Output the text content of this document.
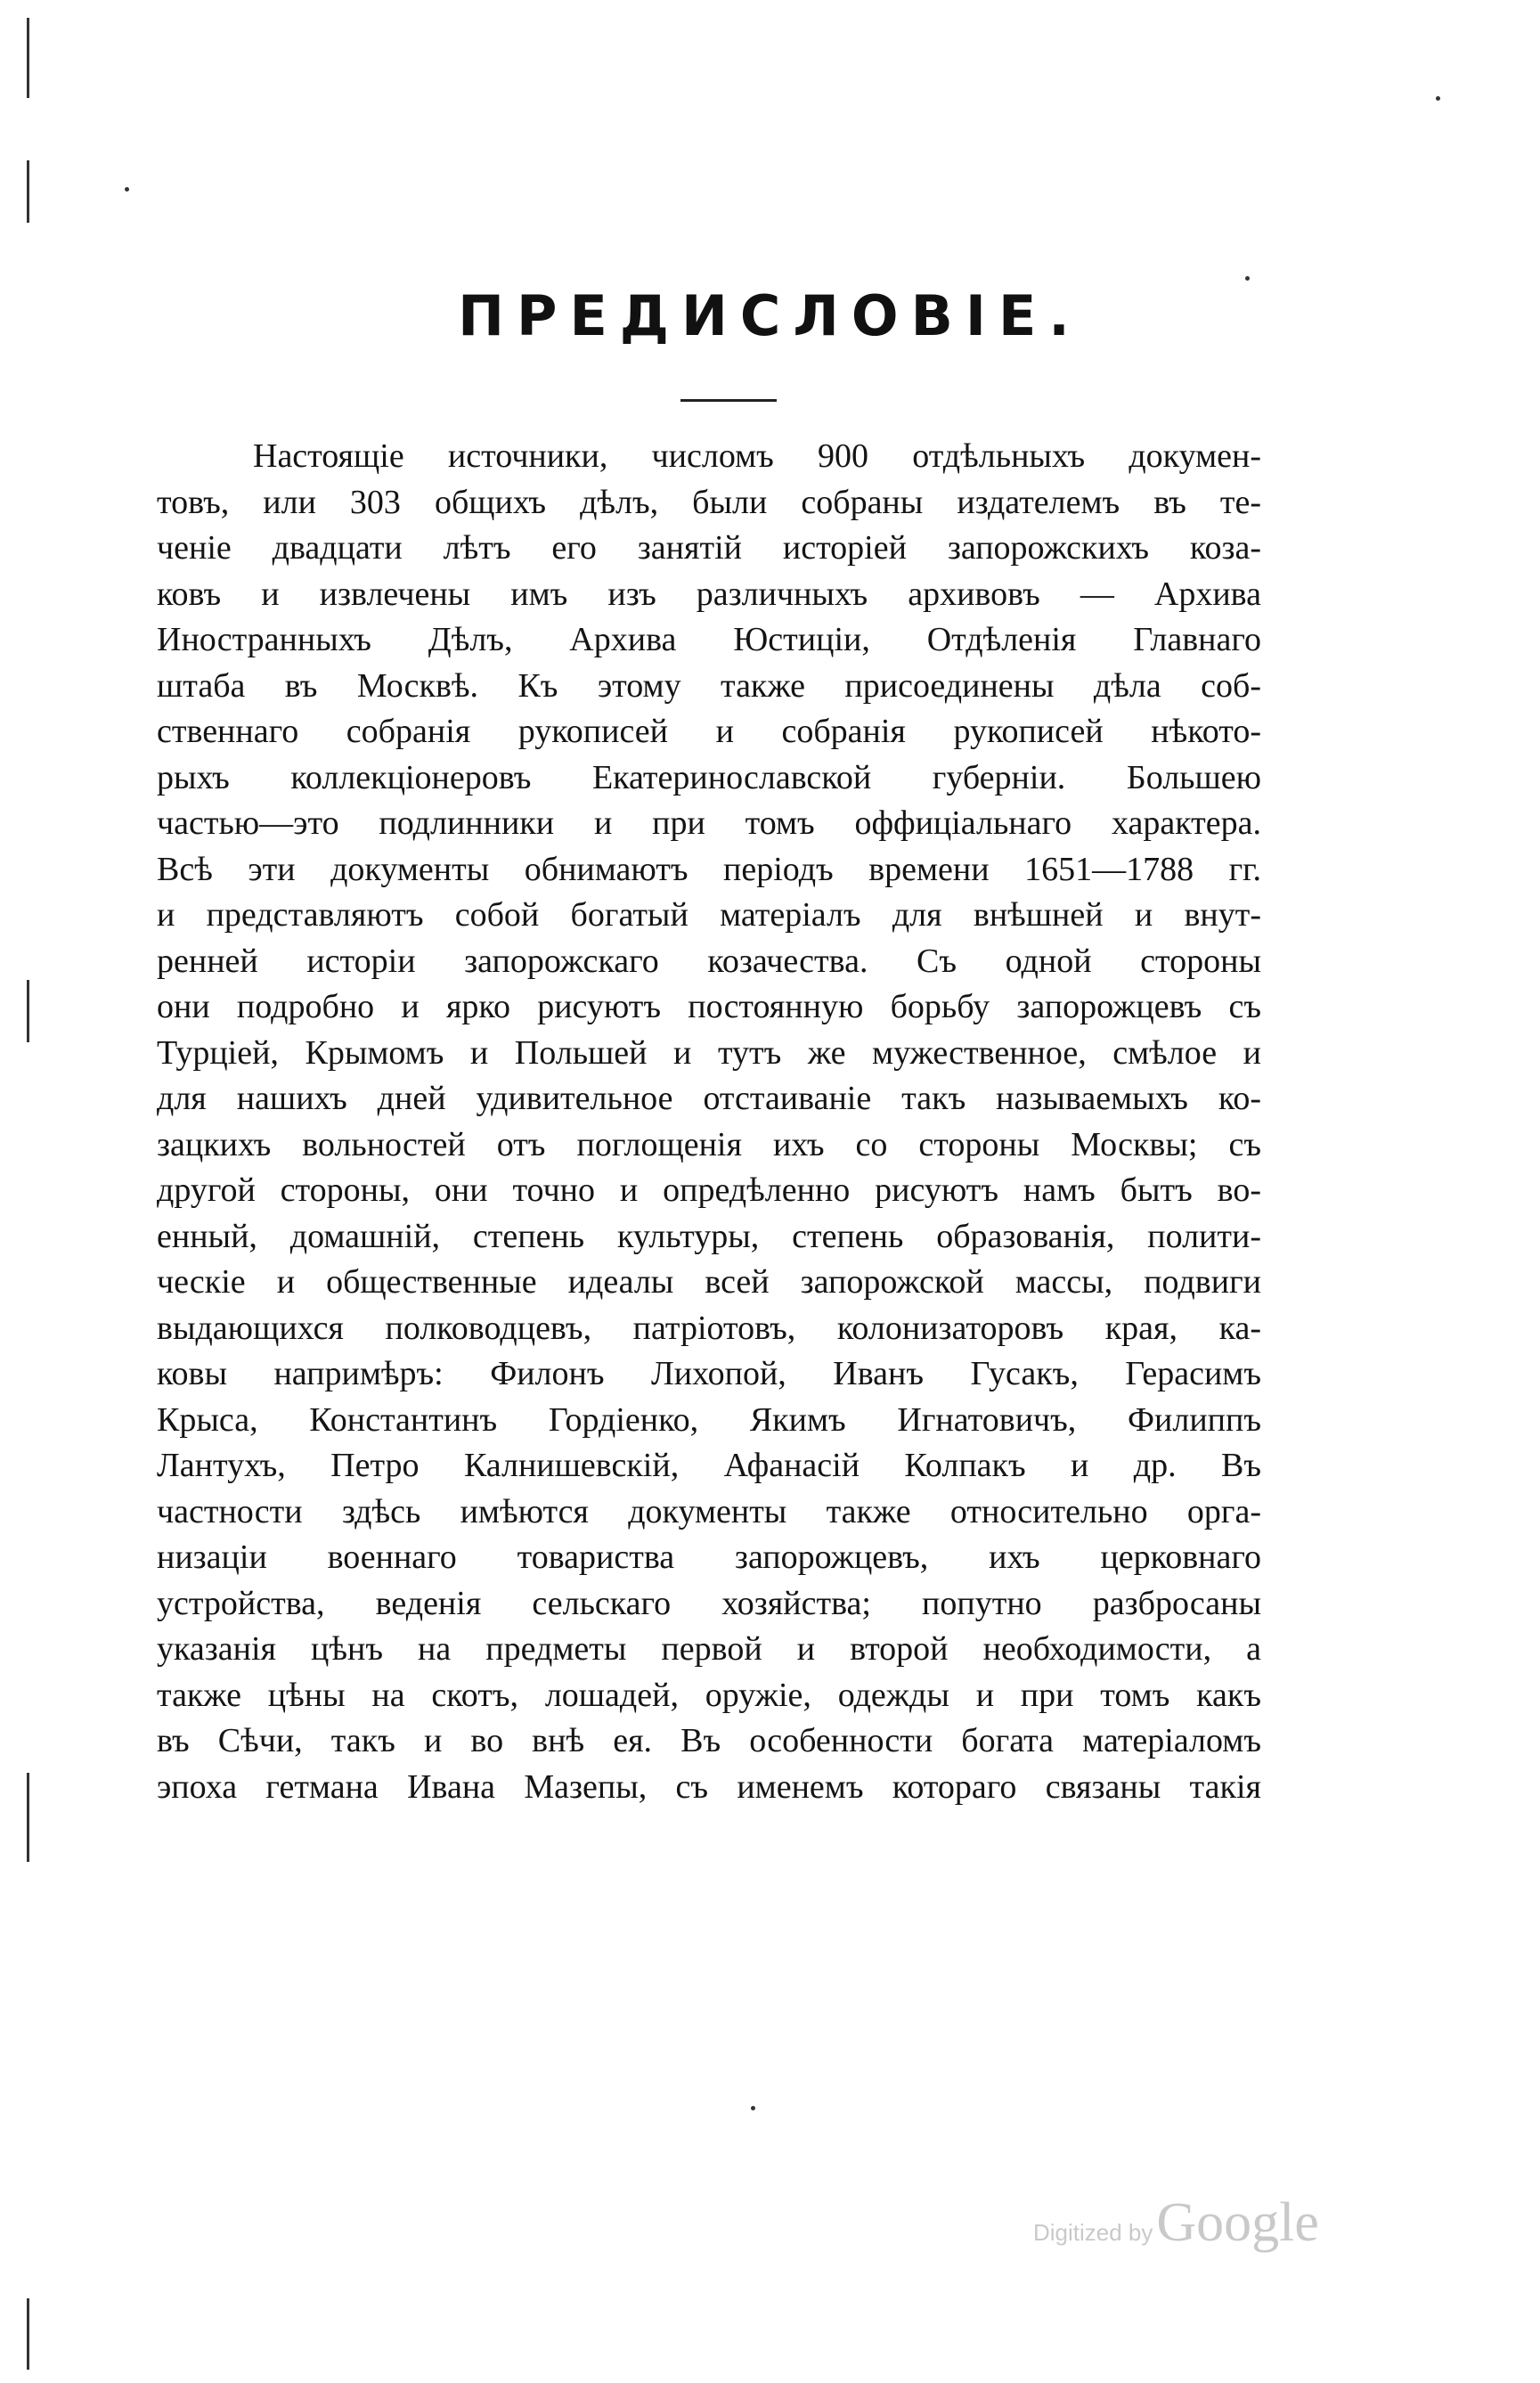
ПРЕДИСЛОВІЕ.
Настоящіе источники, числомъ 900 отдѣльныхъ докумен-
товъ, или 303 общихъ дѣлъ, были собраны издателемъ въ те-
ченіе двадцати лѣтъ его занятій исторіей запорожскихъ коза-
ковъ и извлечены имъ изъ различныхъ архивовъ — Архива
Иностранныхъ Дѣлъ, Архива Юстиціи, Отдѣленія Главнаго
штаба въ Москвѣ. Къ этому также присоединены дѣла соб-
ственнаго собранія рукописей и собранія рукописей нѣкото-
рыхъ коллекціонеровъ Екатеринославской губерніи. Большею
частью—это подлинники и при томъ оффиціальнаго характера.
Всѣ эти документы обнимаютъ періодъ времени 1651—1788 гг.
и представляютъ собой богатый матеріалъ для внѣшней и внут-
ренней исторіи запорожскаго козачества. Съ одной стороны
они подробно и ярко рисуютъ постоянную борьбу запорожцевъ съ
Турціей, Крымомъ и Польшей и тутъ же мужественное, смѣлое и
для нашихъ дней удивительное отстаиваніе такъ называемыхъ ко-
зацкихъ вольностей отъ поглощенія ихъ со стороны Москвы; съ
другой стороны, они точно и опредѣленно рисуютъ намъ бытъ во-
енный, домашній, степень культуры, степень образованія, полити-
ческіе и общественные идеалы всей запорожской массы, подвиги
выдающихся полководцевъ, патріотовъ, колонизаторовъ края, ка-
ковы напримѣръ: Филонъ Лихопой, Иванъ Гусакъ, Герасимъ
Крыса, Константинъ Гордіенко, Якимъ Игнатовичъ, Филиппъ
Лантухъ, Петро Калнишевскій, Афанасій Колпакъ и др. Въ
частности здѣсь имѣются документы также относительно орга-
низаціи военнаго товариства запорожцевъ, ихъ церковнаго
устройства, веденія сельскаго хозяйства; попутно разбросаны
указанія цѣнъ на предметы первой и второй необходимости, а
также цѣны на скотъ, лошадей, оружіе, одежды и при томъ какъ
въ Сѣчи, такъ и во внѣ ея. Въ особенности богата матеріаломъ
эпоха гетмана Ивана Мазепы, съ именемъ котораго связаны такія
Digitized by Google
